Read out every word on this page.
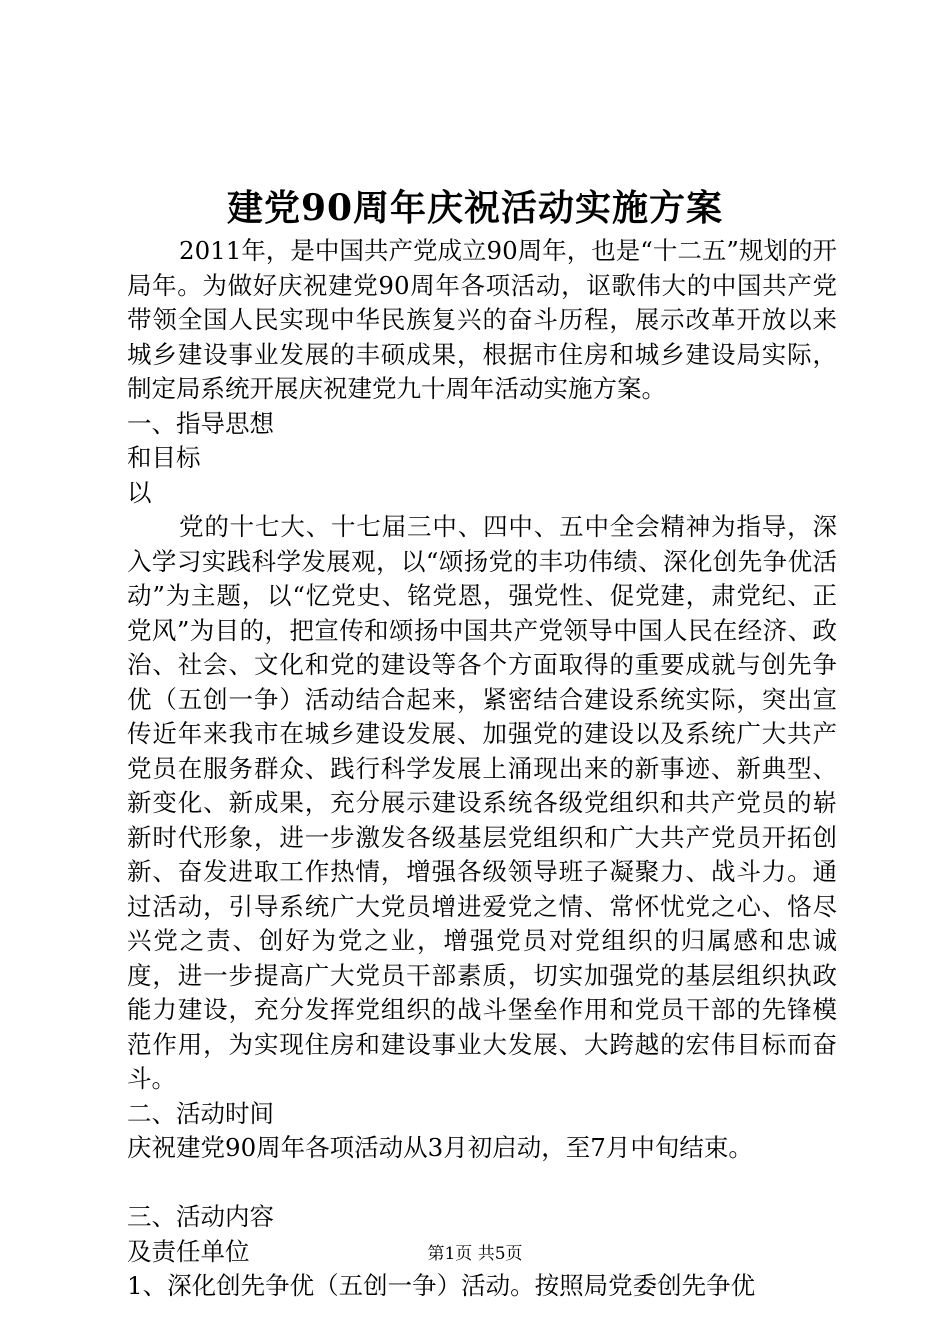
建党90周年庆祝活动实施方案

2011年，是中国共产党成立90周年，也是“十二五”规划的开局年。为做好庆祝建党90周年各项活动，讴歌伟大的中国共产党带领全国人民实现中华民族复兴的奋斗历程，展示改革开放以来城乡建设事业发展的丰硕成果，根据市住房和城乡建设局实际，制定局系统开展庆祝建党九十周年活动实施方案。

一、指导思想

和目标

以

党的十七大、十七届三中、四中、五中全会精神为指导，深入学习实践科学发展观，以“颂扬党的丰功伟绩、深化创先争优活动”为主题，以“忆党史、铭党恩，强党性、促党建，肃党纪、正党风”为目的，把宣传和颂扬中国共产党领导中国人民在经济、政治、社会、文化和党的建设等各个方面取得的重要成就与创先争优（五创一争）活动结合起来，紧密结合建设系统实际，突出宣传近年来我市在城乡建设发展、加强党的建设以及系统广大共产党员在服务群众、践行科学发展上涌现出来的新事迹、新典型、新变化、新成果，充分展示建设系统各级党组织和共产党员的崭新时代形象，进一步激发各级基层党组织和广大共产党员开拓创新、奋发进取工作热情，增强各级领导班子凝聚力、战斗力。通过活动，引导系统广大党员增进爱党之情、常怀忧党之心、恪尽兴党之责、创好为党之业，增强党员对党组织的归属感和忠诚度，进一步提高广大党员干部素质，切实加强党的基层组织执政能力建设，充分发挥党组织的战斗堡垒作用和党员干部的先锋模范作用，为实现住房和建设事业大发展、大跨越的宏伟目标而奋斗。

二、活动时间

庆祝建党90周年各项活动从3月初启动，至7月中旬结束。

三、活动内容

及责任单位

1、深化创先争优（五创一争）活动。按照局党委创先争优

第1页 共5页
